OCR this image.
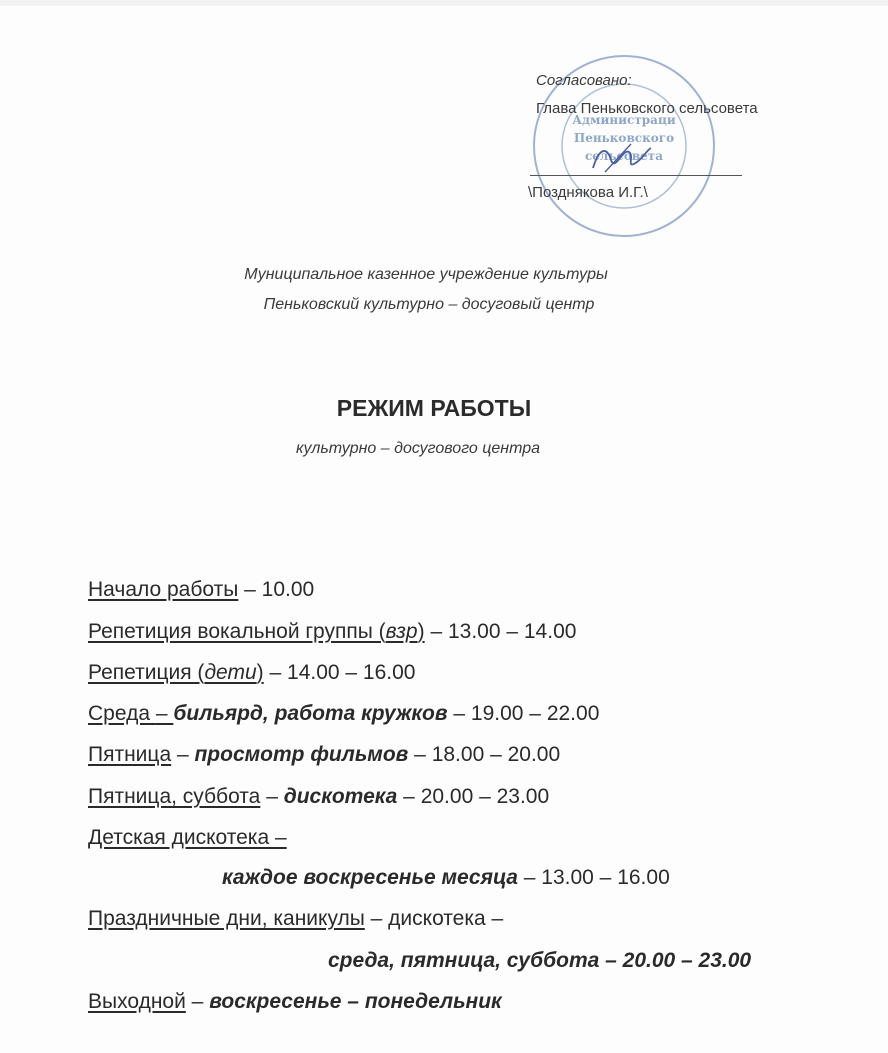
Администраци
Пеньковского
сельсовета
Согласовано:
Глава Пеньковского сельсовета
\Позднякова И.Г.\
Муниципальное казенное учреждение культуры
Пеньковский культурно – досуговый центр
РЕЖИМ РАБОТЫ
культурно – досугового центра
Начало работы – 10.00
Репетиция вокальной группы (взр) – 13.00 – 14.00
Репетиция (дети) – 14.00 – 16.00
Среда – бильярд, работа кружков – 19.00 – 22.00
Пятница – просмотр фильмов – 18.00 – 20.00
Пятница, суббота – дискотека – 20.00 – 23.00
Детская дискотека –
каждое воскресенье месяца – 13.00 – 16.00
Праздничные дни, каникулы – дискотека –
среда, пятница, суббота – 20.00 – 23.00
Выходной – воскресенье – понедельник
